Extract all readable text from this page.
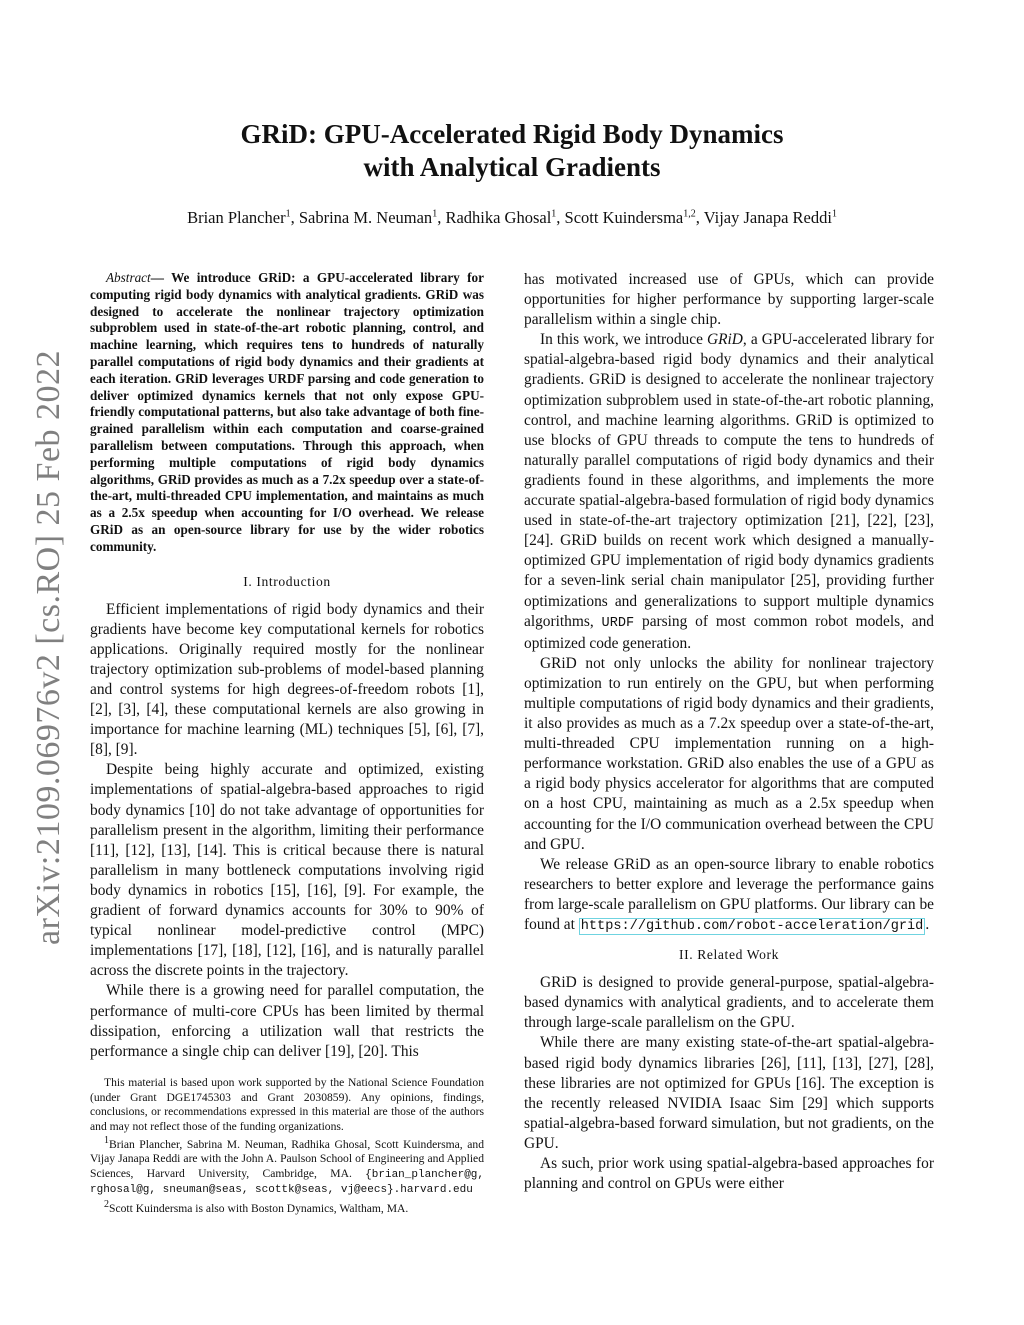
arXiv:2109.06976v2 [cs.RO] 25 Feb 2022
GRiD: GPU-Accelerated Rigid Body Dynamics
with Analytical Gradients
Brian Plancher$^1$, Sabrina M. Neuman$^1$, Radhika Ghosal$^1$, Scott Kuindersma$^{1,2}$, Vijay Janapa Reddi$^1$
Abstract— We introduce GRiD: a GPU-accelerated library for computing rigid body dynamics with analytical gradients. GRiD was designed to accelerate the nonlinear trajectory optimization subproblem used in state-of-the-art robotic planning, control, and machine learning, which requires tens to hundreds of naturally parallel computations of rigid body dynamics and their gradients at each iteration. GRiD leverages URDF parsing and code generation to deliver optimized dynamics kernels that not only expose GPU-friendly computational patterns, but also take advantage of both fine-grained parallelism within each computation and coarse-grained parallelism between computations. Through this approach, when performing multiple computations of rigid body dynamics algorithms, GRiD provides as much as a 7.2x speedup over a state-of-the-art, multi-threaded CPU implementation, and maintains as much as a 2.5x speedup when accounting for I/O overhead. We release GRiD as an open-source library for use by the wider robotics community.
I. Introduction

Efficient implementations of rigid body dynamics and their gradients have become key computational kernels for robotics applications. Originally required mostly for the nonlinear trajectory optimization sub-problems of model-based planning and control systems for high degrees-of-freedom robots [1], [2], [3], [4], these computational kernels are also growing in importance for machine learning (ML) techniques [5], [6], [7], [8], [9].

Despite being highly accurate and optimized, existing implementations of spatial-algebra-based approaches to rigid body dynamics [10] do not take advantage of opportunities for parallelism present in the algorithm, limiting their performance [11], [12], [13], [14]. This is critical because there is natural parallelism in many bottleneck computations involving rigid body dynamics in robotics [15], [16], [9]. For example, the gradient of forward dynamics accounts for 30% to 90% of typical nonlinear model-predictive control (MPC) implementations [17], [18], [12], [16], and is naturally parallel across the discrete points in the trajectory.

While there is a growing need for parallel computation, the performance of multi-core CPUs has been limited by thermal dissipation, enforcing a utilization wall that restricts the performance a single chip can deliver [19], [20]. This

This material is based upon work supported by the National Science Foundation (under Grant DGE1745303 and Grant 2030859). Any opinions, findings, conclusions, or recommendations expressed in this material are those of the authors and may not reflect those of the funding organizations.

$^1$Brian Plancher, Sabrina M. Neuman, Radhika Ghosal, Scott Kuindersma, and Vijay Janapa Reddi are with the John A. Paulson School of Engineering and Applied Sciences, Harvard University, Cambridge, MA. {brian_plancher@g, rghosal@g, sneuman@seas, scottk@seas, vj@eecs}.harvard.edu

$^2$Scott Kuindersma is also with Boston Dynamics, Waltham, MA.

has motivated increased use of GPUs, which can provide opportunities for higher performance by supporting larger-scale parallelism within a single chip.

In this work, we introduce GRiD, a GPU-accelerated library for spatial-algebra-based rigid body dynamics and their analytical gradients. GRiD is designed to accelerate the nonlinear trajectory optimization subproblem used in state-of-the-art robotic planning, control, and machine learning algorithms. GRiD is optimized to use blocks of GPU threads to compute the tens to hundreds of naturally parallel computations of rigid body dynamics and their gradients found in these algorithms, and implements the more accurate spatial-algebra-based formulation of rigid body dynamics used in state-of-the-art trajectory optimization [21], [22], [23], [24]. GRiD builds on recent work which designed a manually-optimized GPU implementation of rigid body dynamics gradients for a seven-link serial chain manipulator [25], providing further optimizations and generalizations to support multiple dynamics algorithms, URDF parsing of most common robot models, and optimized code generation.

GRiD not only unlocks the ability for nonlinear trajectory optimization to run entirely on the GPU, but when performing multiple computations of rigid body dynamics and their gradients, it also provides as much as a 7.2x speedup over a state-of-the-art, multi-threaded CPU implementation running on a high-performance workstation. GRiD also enables the use of a GPU as a rigid body physics accelerator for algorithms that are computed on a host CPU, maintaining as much as a 2.5x speedup when accounting for the I/O communication overhead between the CPU and GPU.

We release GRiD as an open-source library to enable robotics researchers to better explore and leverage the performance gains from large-scale parallelism on GPU platforms. Our library can be found at https://github.com/robot-acceleration/grid .

II. Related Work

GRiD is designed to provide general-purpose, spatial-algebra-based dynamics with analytical gradients, and to accelerate them through large-scale parallelism on the GPU.

While there are many existing state-of-the-art spatial-algebra-based rigid body dynamics libraries [26], [11], [13], [27], [28], these libraries are not optimized for GPUs [16]. The exception is the recently released NVIDIA Isaac Sim [29] which supports spatial-algebra-based forward simulation, but not gradients, on the GPU.

As such, prior work using spatial-algebra-based approaches for planning and control on GPUs were either
